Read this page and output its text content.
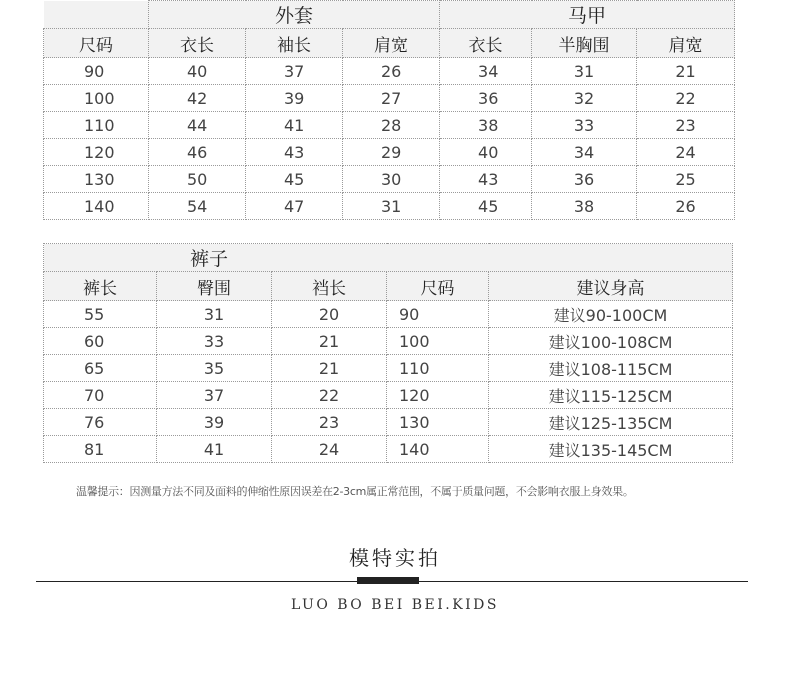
	外套			马甲		
尺码	衣长	袖长	肩宽	衣长	半胸围	肩宽
90	40	37	26	34	31	21
100	42	39	27	36	32	22
110	44	41	28	38	33	23
120	46	43	29	40	34	24
130	50	45	30	43	36	25
140	54	47	31	45	38	26
裤子				
裤长	臀围	裆长	尺码	建议身高
55	31	20	90	建议90-100CM
60	33	21	100	建议100-108CM
65	35	21	110	建议108-115CM
70	37	22	120	建议115-125CM
76	39	23	130	建议125-135CM
81	41	24	140	建议135-145CM
温馨提示：因测量方法不同及面料的伸缩性原因误差在2-3cm属正常范围，不属于质量问题，不会影响衣服上身效果。
模特实拍
LUO BO BEI BEI.KIDS
